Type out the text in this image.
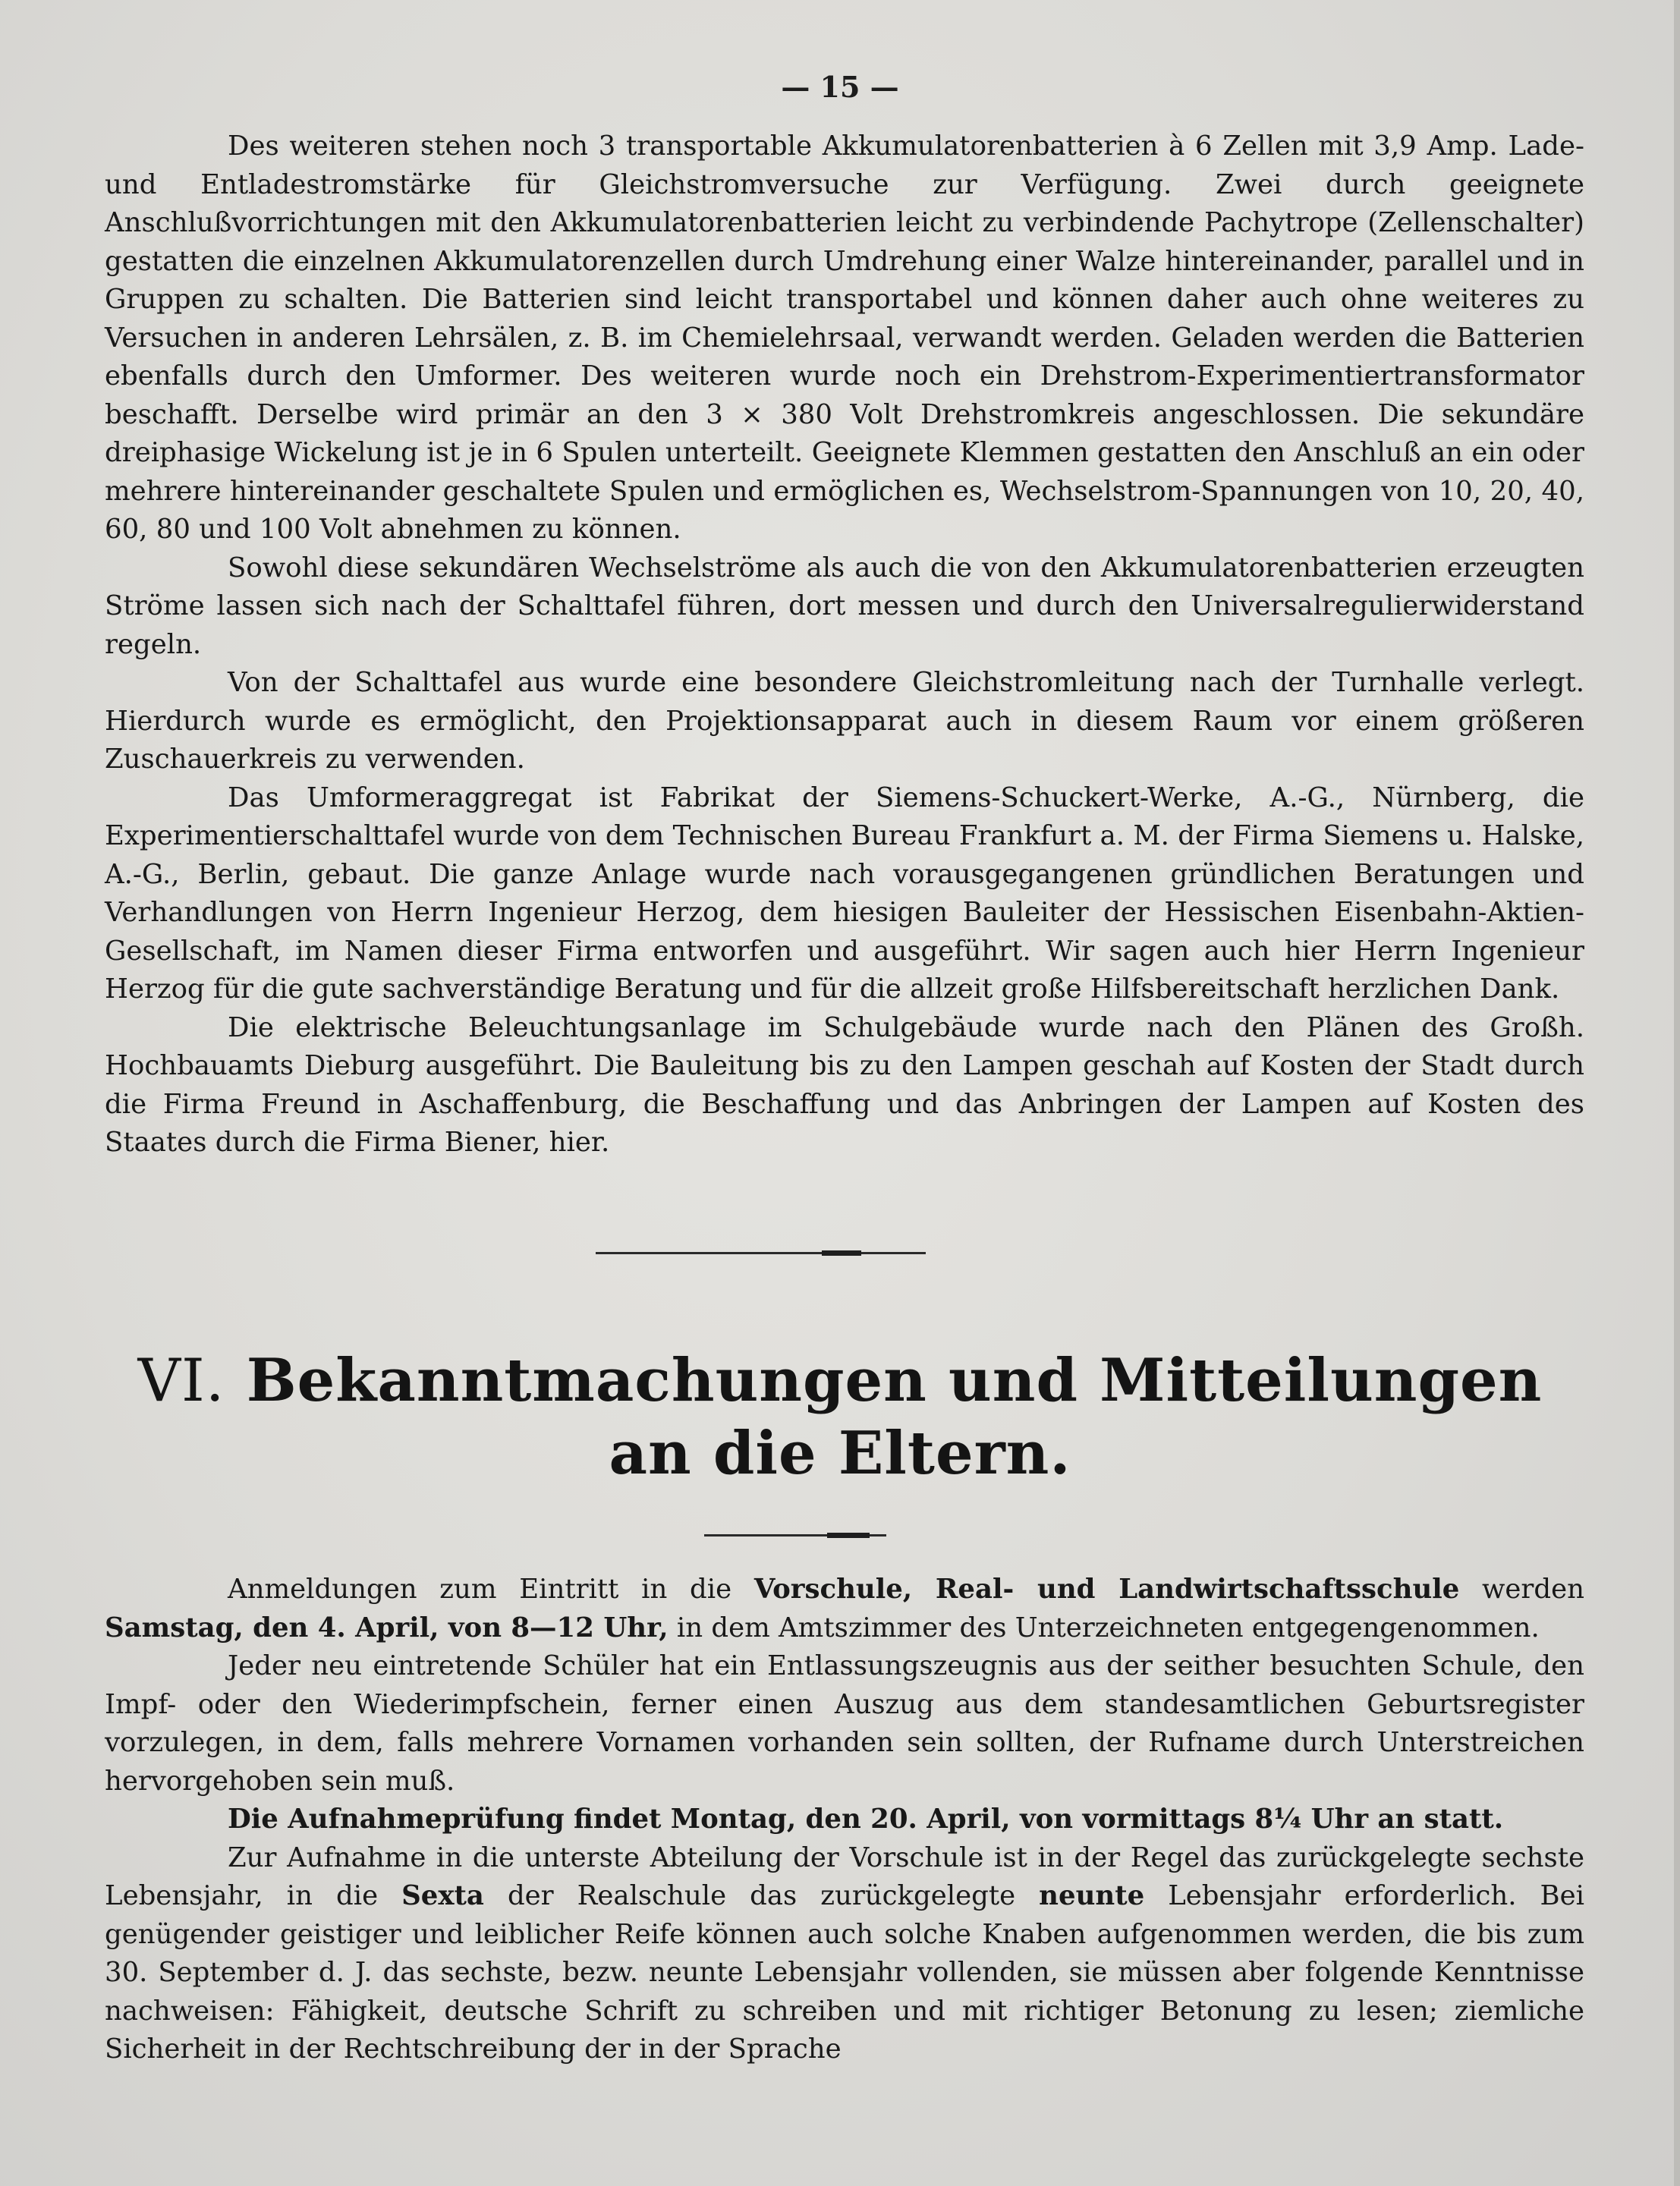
— 15 —

Des weiteren stehen noch 3 transportable Akkumulatorenbatterien à 6 Zellen mit 3,9 Amp. Lade- und Entladestromstärke für Gleichstromversuche zur Verfügung. Zwei durch geeignete Anschlußvorrichtungen mit den Akkumulatorenbatterien leicht zu verbindende Pachytrope (Zellenschalter) gestatten die einzelnen Akkumulatorenzellen durch Umdrehung einer Walze hintereinander, parallel und in Gruppen zu schalten. Die Batterien sind leicht transportabel und können daher auch ohne weiteres zu Versuchen in anderen Lehrsälen, z. B. im Chemielehrsaal, verwandt werden. Geladen werden die Batterien ebenfalls durch den Umformer. Des weiteren wurde noch ein Drehstrom-Experimentiertransformator beschafft. Derselbe wird primär an den 3 × 380 Volt Drehstromkreis angeschlossen. Die sekundäre dreiphasige Wickelung ist je in 6 Spulen unterteilt. Geeignete Klemmen gestatten den Anschluß an ein oder mehrere hintereinander geschaltete Spulen und ermöglichen es, Wechselstrom-Spannungen von 10, 20, 40, 60, 80 und 100 Volt abnehmen zu können.

Sowohl diese sekundären Wechselströme als auch die von den Akkumulatorenbatterien erzeugten Ströme lassen sich nach der Schalttafel führen, dort messen und durch den Universalregulierwiderstand regeln.

Von der Schalttafel aus wurde eine besondere Gleichstromleitung nach der Turnhalle verlegt. Hierdurch wurde es ermöglicht, den Projektionsapparat auch in diesem Raum vor einem größeren Zuschauerkreis zu verwenden.

Das Umformeraggregat ist Fabrikat der Siemens-Schuckert-Werke, A.-G., Nürnberg, die Experimentierschalttafel wurde von dem Technischen Bureau Frankfurt a. M. der Firma Siemens u. Halske, A.-G., Berlin, gebaut. Die ganze Anlage wurde nach vorausgegangenen gründlichen Beratungen und Verhandlungen von Herrn Ingenieur Herzog, dem hiesigen Bauleiter der Hessischen Eisenbahn-Aktien-Gesellschaft, im Namen dieser Firma entworfen und ausgeführt. Wir sagen auch hier Herrn Ingenieur Herzog für die gute sachverständige Beratung und für die allzeit große Hilfsbereitschaft herzlichen Dank.

Die elektrische Beleuchtungsanlage im Schulgebäude wurde nach den Plänen des Großh. Hochbauamts Dieburg ausgeführt. Die Bauleitung bis zu den Lampen geschah auf Kosten der Stadt durch die Firma Freund in Aschaffenburg, die Beschaffung und das Anbringen der Lampen auf Kosten des Staates durch die Firma Biener, hier.

VI. Bekanntmachungen und Mitteilungen
an die Eltern.

Anmeldungen zum Eintritt in die Vorschule, Real- und Landwirtschaftsschule werden Samstag, den 4. April, von 8—12 Uhr, in dem Amtszimmer des Unterzeichneten entgegengenommen.

Jeder neu eintretende Schüler hat ein Entlassungszeugnis aus der seither besuchten Schule, den Impf- oder den Wiederimpfschein, ferner einen Auszug aus dem standesamtlichen Geburtsregister vorzulegen, in dem, falls mehrere Vornamen vorhanden sein sollten, der Rufname durch Unterstreichen hervorgehoben sein muß.

Die Aufnahmeprüfung findet Montag, den 20. April, von vormittags 8¼ Uhr an statt.

Zur Aufnahme in die unterste Abteilung der Vorschule ist in der Regel das zurückgelegte sechste Lebensjahr, in die Sexta der Realschule das zurückgelegte neunte Lebensjahr erforderlich. Bei genügender geistiger und leiblicher Reife können auch solche Knaben aufgenommen werden, die bis zum 30. September d. J. das sechste, bezw. neunte Lebensjahr vollenden, sie müssen aber folgende Kenntnisse nachweisen: Fähigkeit, deutsche Schrift zu schreiben und mit richtiger Betonung zu lesen; ziemliche Sicherheit in der Rechtschreibung der in der Sprache
